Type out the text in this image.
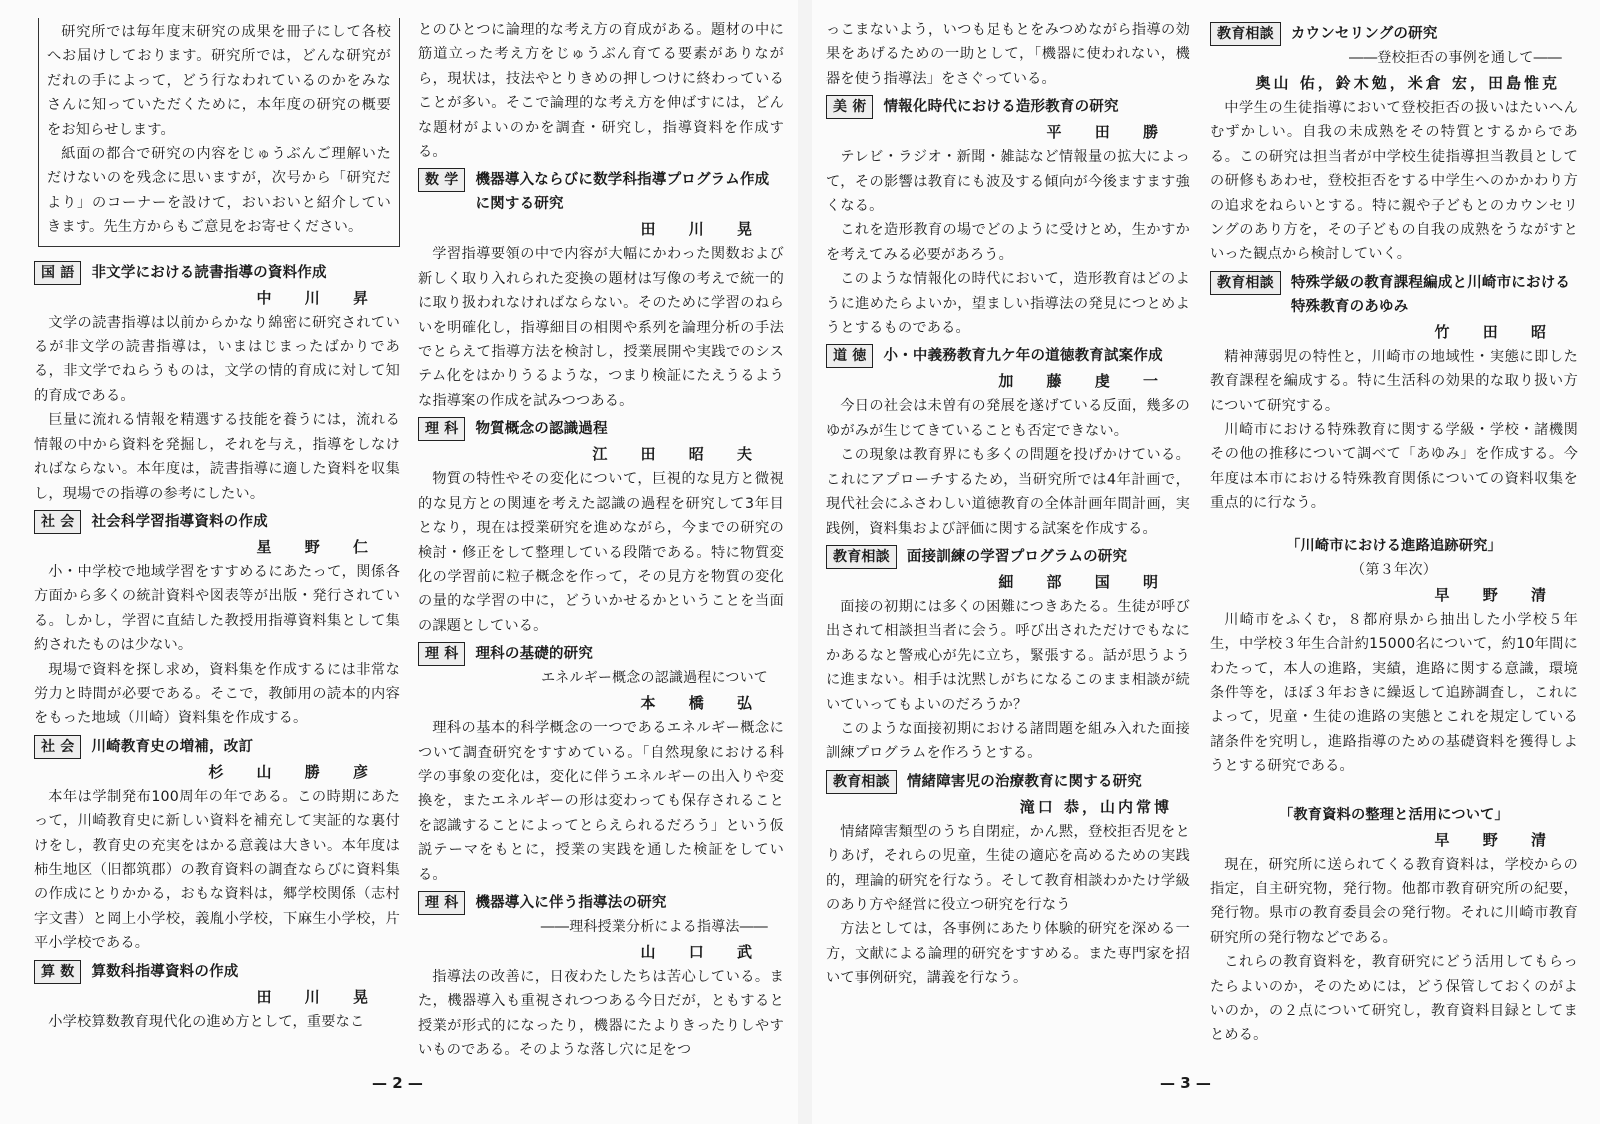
研究所では毎年度末研究の成果を冊子にして各校へお届けしております。研究所では，どんな研究がだれの手によって，どう行なわれているのかをみなさんに知っていただくために，本年度の研究の概要をお知らせします。

紙面の都合で研究の内容をじゅうぶんご理解いただけないのを残念に思いますが，次号から「研究だより」のコーナーを設けて，おいおいと紹介していきます。先生方からもご意見をお寄せください。

国 語	非文学における読書指導の資料作成
中 川 昇

文学の読書指導は以前からかなり綿密に研究されているが非文学の読書指導は，いまはじまったばかりである，非文学でねらうものは，文学の情的育成に対して知的育成である。

巨量に流れる情報を精選する技能を養うには，流れる情報の中から資料を発掘し，それを与え，指導をしなければならない。本年度は，読書指導に適した資料を収集し，現場での指導の参考にしたい。

社 会	社会科学習指導資料の作成
星 野 仁

小・中学校で地域学習をすすめるにあたって，関係各方面から多くの統計資料や図表等が出版・発行されている。しかし，学習に直結した教授用指導資料集として集約されたものは少ない。

現場で資料を探し求め，資料集を作成するには非常な労力と時間が必要である。そこで，教師用の読本的内容をもった地域（川崎）資料集を作成する。

社 会	川崎教育史の増補，改訂
杉 山 勝 彦

本年は学制発布100周年の年である。この時期にあたって，川崎教育史に新しい資料を補充して実証的な裏付けをし，教育史の充実をはかる意義は大きい。本年度は柿生地区（旧都筑郡）の教育資料の調査ならびに資料集の作成にとりかかる，おもな資料は，郷学校関係（志村字文書）と岡上小学校，義胤小学校，下麻生小学校，片平小学校である。

算 数	算数科指導資料の作成
田 川 晃

小学校算数教育現代化の進め方として，重要なこ

とのひとつに論理的な考え方の育成がある。題材の中に筋道立った考え方をじゅうぶん育てる要素がありながら，現状は，技法やとりきめの押しつけに終わっていることが多い。そこで論理的な考え方を伸ばすには，どんな題材がよいのかを調査・研究し，指導資料を作成する。

数 学	機器導入ならびに数学科指導プログラム作成に関する研究
田 川 晃

学習指導要領の中で内容が大幅にかわった関数および新しく取り入れられた変換の題材は写像の考えで統一的に取り扱われなければならない。そのために学習のねらいを明確化し，指導細目の相関や系列を論理分析の手法でとらえて指導方法を検討し，授業展開や実践でのシステム化をはかりうるような，つまり検証にたえうるような指導案の作成を試みつつある。

理 科	物質概念の認識過程
江 田 昭 夫

物質の特性やその変化について，巨視的な見方と微視的な見方との関連を考えた認識の過程を研究して3年目となり，現在は授業研究を進めながら，今までの研究の検討・修正をして整理している段階である。特に物質変化の学習前に粒子概念を作って，その見方を物質の変化の量的な学習の中に，どういかせるかということを当面の課題としている。

理 科	理科の基礎的研究
エネルギー概念の認識過程について
本 橋 弘

理科の基本的科学概念の一つであるエネルギー概念について調査研究をすすめている。「自然現象における科学の事象の変化は，変化に伴うエネルギーの出入りや変換を，またエネルギーの形は変わっても保存されることを認識することによってとらえられるだろう」という仮説テーマをもとに，授業の実践を通した検証をしている。

理 科	機器導入に伴う指導法の研究
――理科授業分析による指導法――
山 口 武

指導法の改善に，日夜わたしたちは苦心している。また，機器導入も重視されつつある今日だが，ともすると授業が形式的になったり，機器にたよりきったりしやすいものである。そのような落し穴に足をつ

— 2 —

っこまないよう，いつも足もとをみつめながら指導の効果をあげるための一助として，「機器に使われない，機器を使う指導法」をさぐっている。

美 術	情報化時代における造形教育の研究
平 田 勝

テレビ・ラジオ・新聞・雑誌など情報量の拡大によって，その影響は教育にも波及する傾向が今後ますます強くなる。

これを造形教育の場でどのように受けとめ，生かすかを考えてみる必要があろう。

このような情報化の時代において，造形教育はどのように進めたらよいか，望ましい指導法の発見につとめようとするものである。

道 徳	小・中義務教育九ケ年の道徳教育試案作成
加 藤 虔 一

今日の社会は未曽有の発展を遂げている反面，幾多のゆがみが生じてきていることも否定できない。

この現象は教育界にも多くの問題を投げかけている。これにアプローチするため，当研究所では4年計画で，現代社会にふさわしい道徳教育の全体計画年間計画，実践例，資料集および評価に関する試案を作成する。

教育相談	面接訓練の学習プログラムの研究
細 部 国 明

面接の初期には多くの困難につきあたる。生徒が呼び出されて相談担当者に会う。呼び出されただけでもなにかあるなと警戒心が先に立ち，緊張する。話が思うように進まない。相手は沈黙しがちになるこのまま相談が続いていってもよいのだろうか？

このような面接初期における諸問題を組み入れた面接訓練プログラムを作ろうとする。

教育相談	情緒障害児の治療教育に関する研究
滝口 恭，山内常博

情緒障害類型のうち自閉症，かん黙，登校拒否児をとりあげ，それらの児童，生徒の適応を高めるための実践的，理論的研究を行なう。そして教育相談わかたけ学級のあり方や経営に役立つ研究を行なう

方法としては，各事例にあたり体験的研究を深める一方，文献による論理的研究をすすめる。また専門家を招いて事例研究，講義を行なう。

教育相談	カウンセリングの研究
――登校拒否の事例を通して――
奥山 佑，鈴木勉，米倉 宏，田島惟克

中学生の生徒指導において登校拒否の扱いはたいへんむずかしい。自我の未成熟をその特質とするからである。この研究は担当者が中学校生徒指導担当教員としての研修もあわせ，登校拒否をする中学生へのかかわり方の追求をねらいとする。特に親や子どもとのカウンセリングのあり方を，その子どもの自我の成熟をうながすといった観点から検討していく。

教育相談	特殊学級の教育課程編成と川崎市における特殊教育のあゆみ
竹 田 昭

精神薄弱児の特性と，川崎市の地域性・実態に即した教育課程を編成する。特に生活科の効果的な取り扱い方について研究する。

川崎市における特殊教育に関する学級・学校・諸機関その他の推移について調べて「あゆみ」を作成する。今年度は本市における特殊教育関係についての資料収集を重点的に行なう。

「川崎市における進路追跡研究」
（第３年次）
早 野 清

川崎市をふくむ，８都府県から抽出した小学校５年生，中学校３年生合計約15000名について，約10年間にわたって，本人の進路，実績，進路に関する意識，環境条件等を，ほぼ３年おきに繰返して追跡調査し，これによって，児童・生徒の進路の実態とこれを規定している諸条件を究明し，進路指導のための基礎資料を獲得しようとする研究である。

「教育資料の整理と活用について」
早 野 清

現在，研究所に送られてくる教育資料は，学校からの指定，自主研究物，発行物。他都市教育研究所の紀要，発行物。県市の教育委員会の発行物。それに川崎市教育研究所の発行物などである。

これらの教育資料を，教育研究にどう活用してもらったらよいのか，そのためには，どう保管しておくのがよいのか，の２点について研究し，教育資料目録としてまとめる。

— 3 —
